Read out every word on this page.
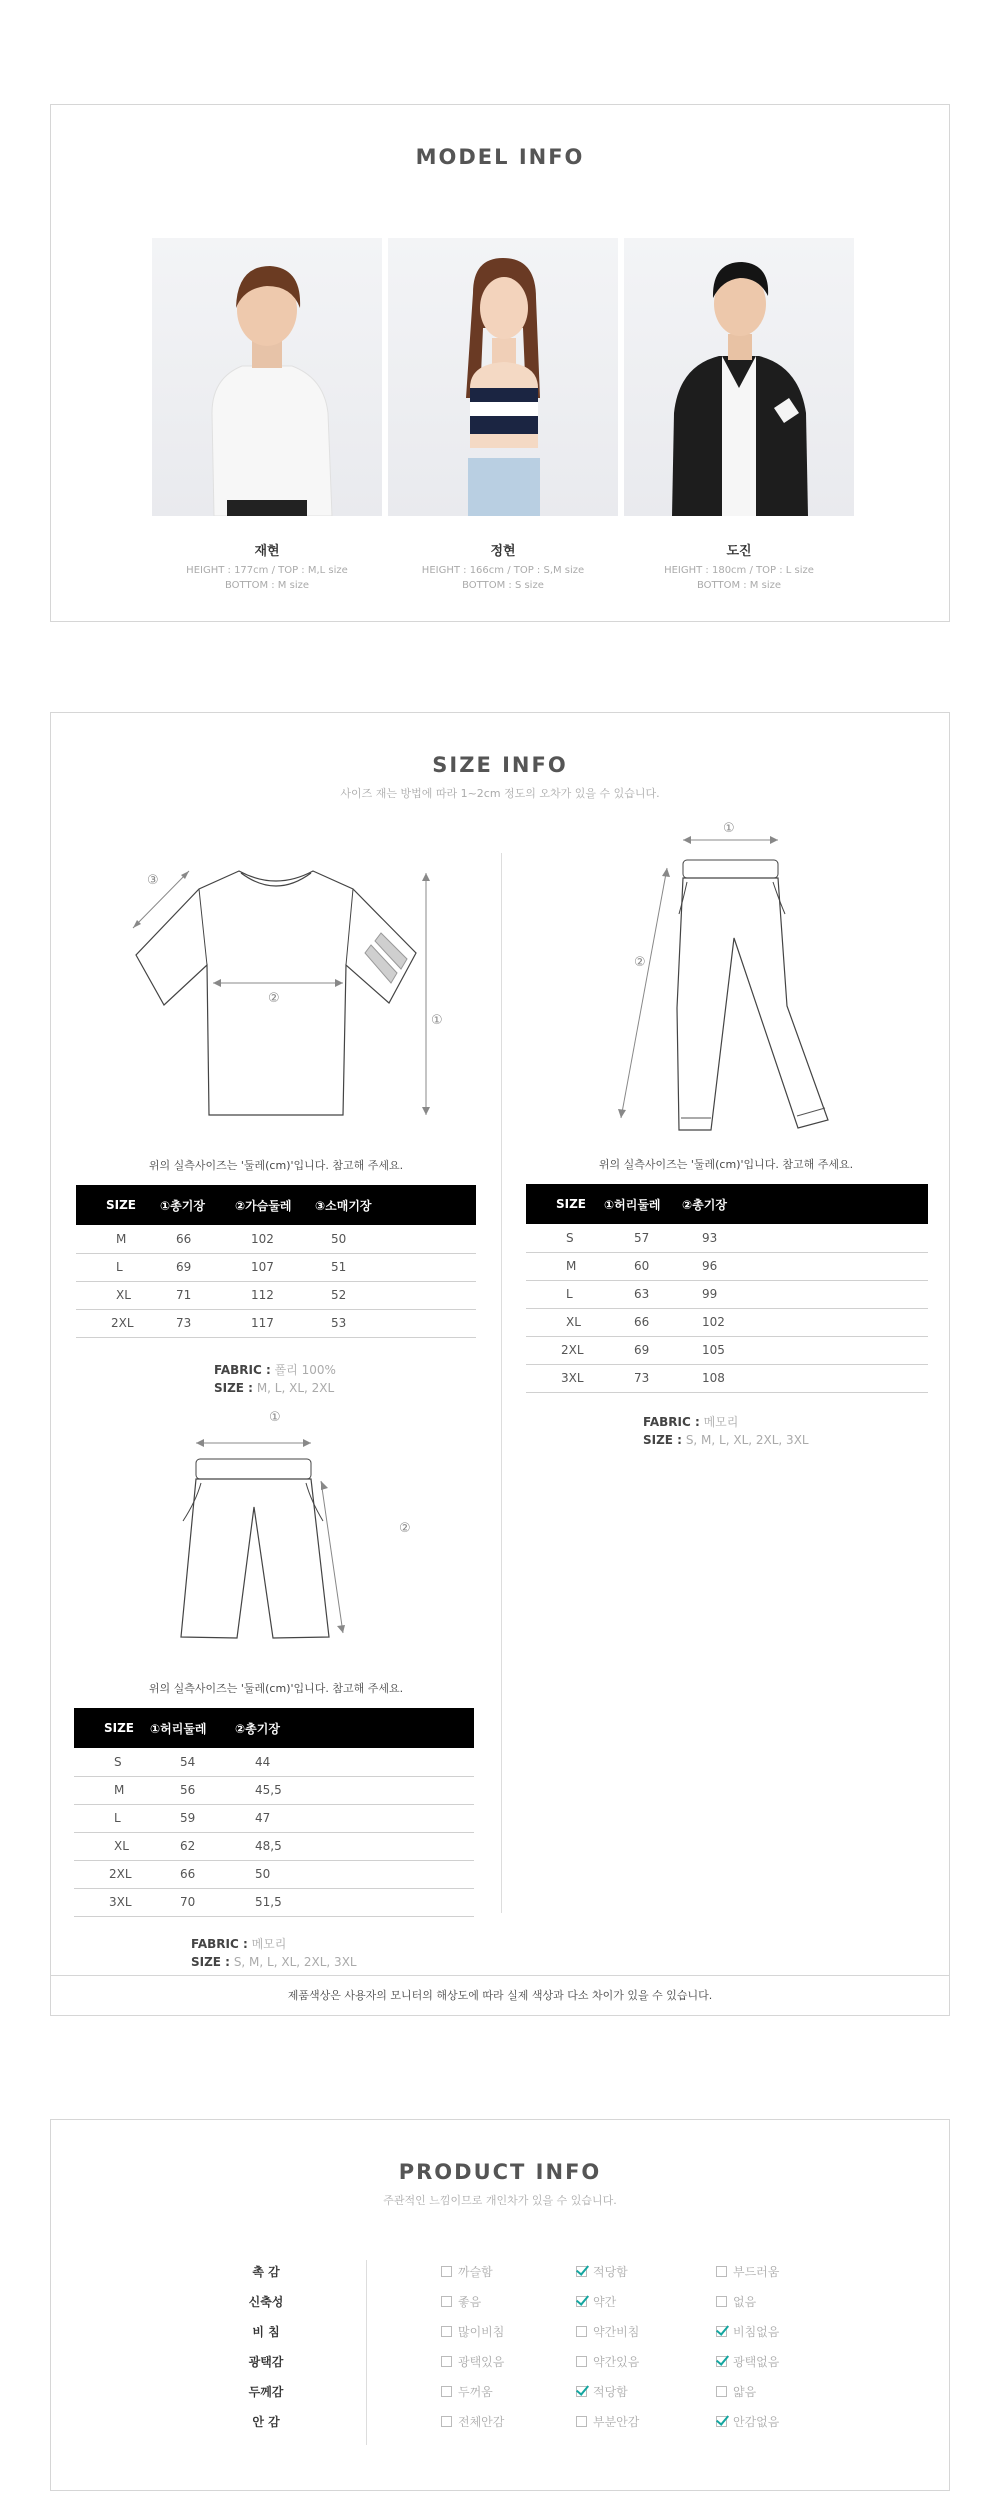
MODEL INFO
재현
HEIGHT : 177cm / TOP : M,L size
BOTTOM : M size
정현
HEIGHT : 166cm / TOP : S,M size
BOTTOM : S size
도진
HEIGHT : 180cm / TOP : L size
BOTTOM : M size
SIZE INFO
사이즈 재는 방법에 따라 1~2cm 정도의 오차가 있을 수 있습니다.
①
②
③
위의 실측사이즈는 '둘레(cm)'입니다. 참고해 주세요.
SIZE	①총기장	②가슴둘레	③소매기장
M	66	102	50
L	69	107	51
XL	71	112	52
2XL	73	117	53
FABRIC : 폴리 100%
SIZE : M, L, XL, 2XL
①
②
위의 실측사이즈는 '둘레(cm)'입니다. 참고해 주세요.
SIZE	①허리둘레	②총기장
S	54	44
M	56	45,5
L	59	47
XL	62	48,5
2XL	66	50
3XL	70	51,5
FABRIC : 메모리
SIZE : S, M, L, XL, 2XL, 3XL
①
②
위의 실측사이즈는 '둘레(cm)'입니다. 참고해 주세요.
SIZE	①허리둘레	②총기장
S	57	93
M	60	96
L	63	99
XL	66	102
2XL	69	105
3XL	73	108
FABRIC : 메모리
SIZE : S, M, L, XL, 2XL, 3XL
제품색상은 사용자의 모니터의 해상도에 따라 실제 색상과 다소 차이가 있을 수 있습니다.
PRODUCT INFO
주관적인 느낌이므로 개인차가 있을 수 있습니다.
촉 감	까슬함	적당함	부드러움
신축성	좋음	약간	없음
비 침	많이비침	약간비침	비침없음
광택감	광택있음	약간있음	광택없음
두께감	두꺼움	적당함	얇음
안 감	전체안감	부분안감	안감없음
